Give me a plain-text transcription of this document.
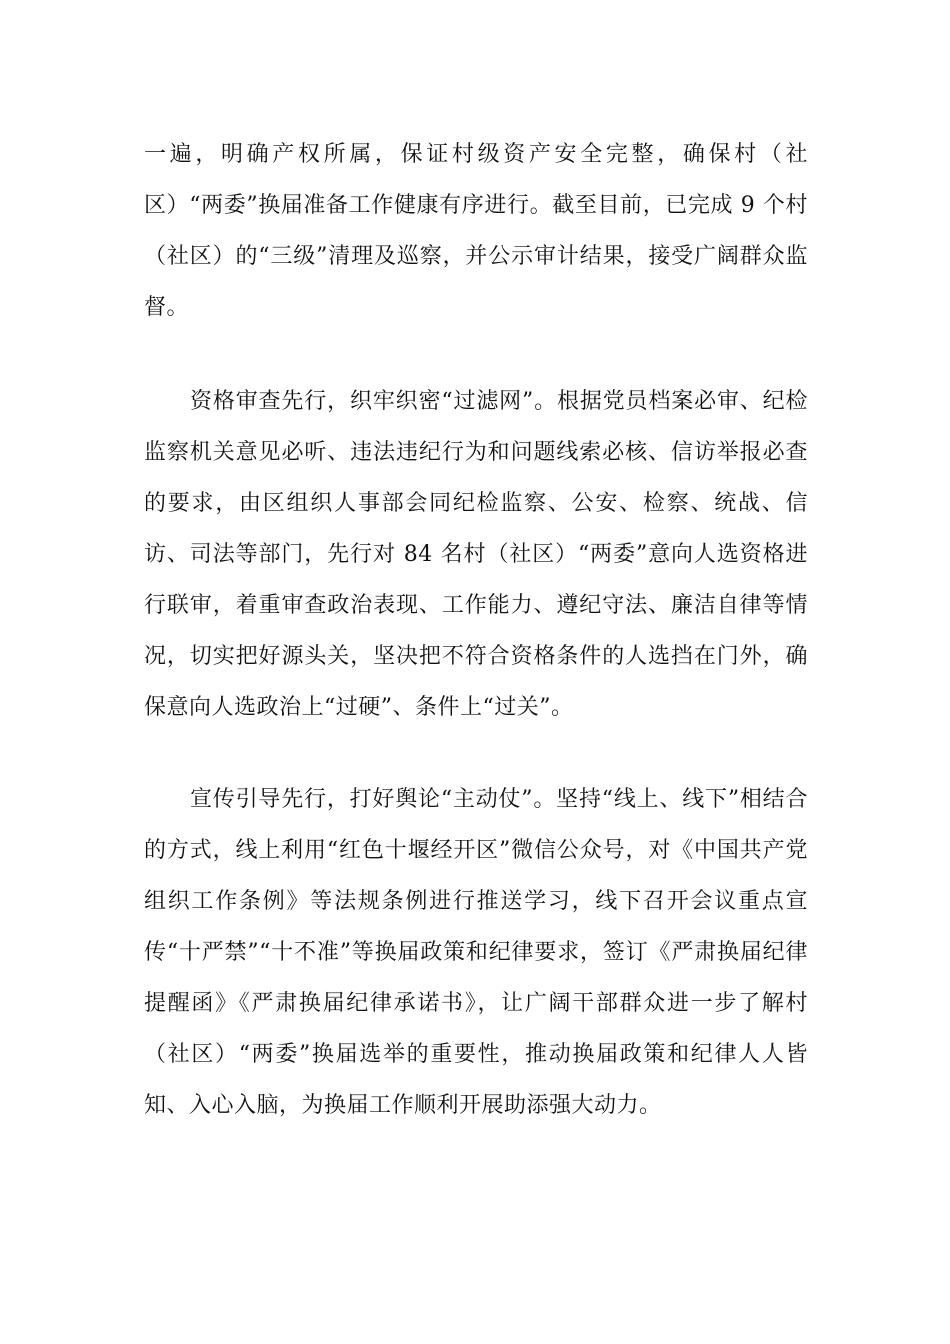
一遍，明确产权所属，保证村级资产安全完整，确保村（社区）“两委”换届准备工作健康有序进行。截至目前，已完成 9 个村（社区）的“三级”清理及巡察，并公示审计结果，接受广阔群众监督。

资格审查先行，织牢织密“过滤网”。根据党员档案必审、纪检监察机关意见必听、违法违纪行为和问题线索必核、信访举报必查的要求，由区组织人事部会同纪检监察、公安、检察、统战、信访、司法等部门，先行对 84 名村（社区）“两委”意向人选资格进行联审，着重审查政治表现、工作能力、遵纪守法、廉洁自律等情况，切实把好源头关，坚决把不符合资格条件的人选挡在门外，确保意向人选政治上“过硬”、条件上“过关”。

宣传引导先行，打好舆论“主动仗”。坚持“线上、线下”相结合的方式，线上利用“红色十堰经开区”微信公众号，对《中国共产党组织工作条例》等法规条例进行推送学习，线下召开会议重点宣传“十严禁”“十不准”等换届政策和纪律要求，签订《严肃换届纪律提醒函》《严肃换届纪律承诺书》，让广阔干部群众进一步了解村（社区）“两委”换届选举的重要性，推动换届政策和纪律人人皆知、入心入脑，为换届工作顺利开展助添强大动力。
